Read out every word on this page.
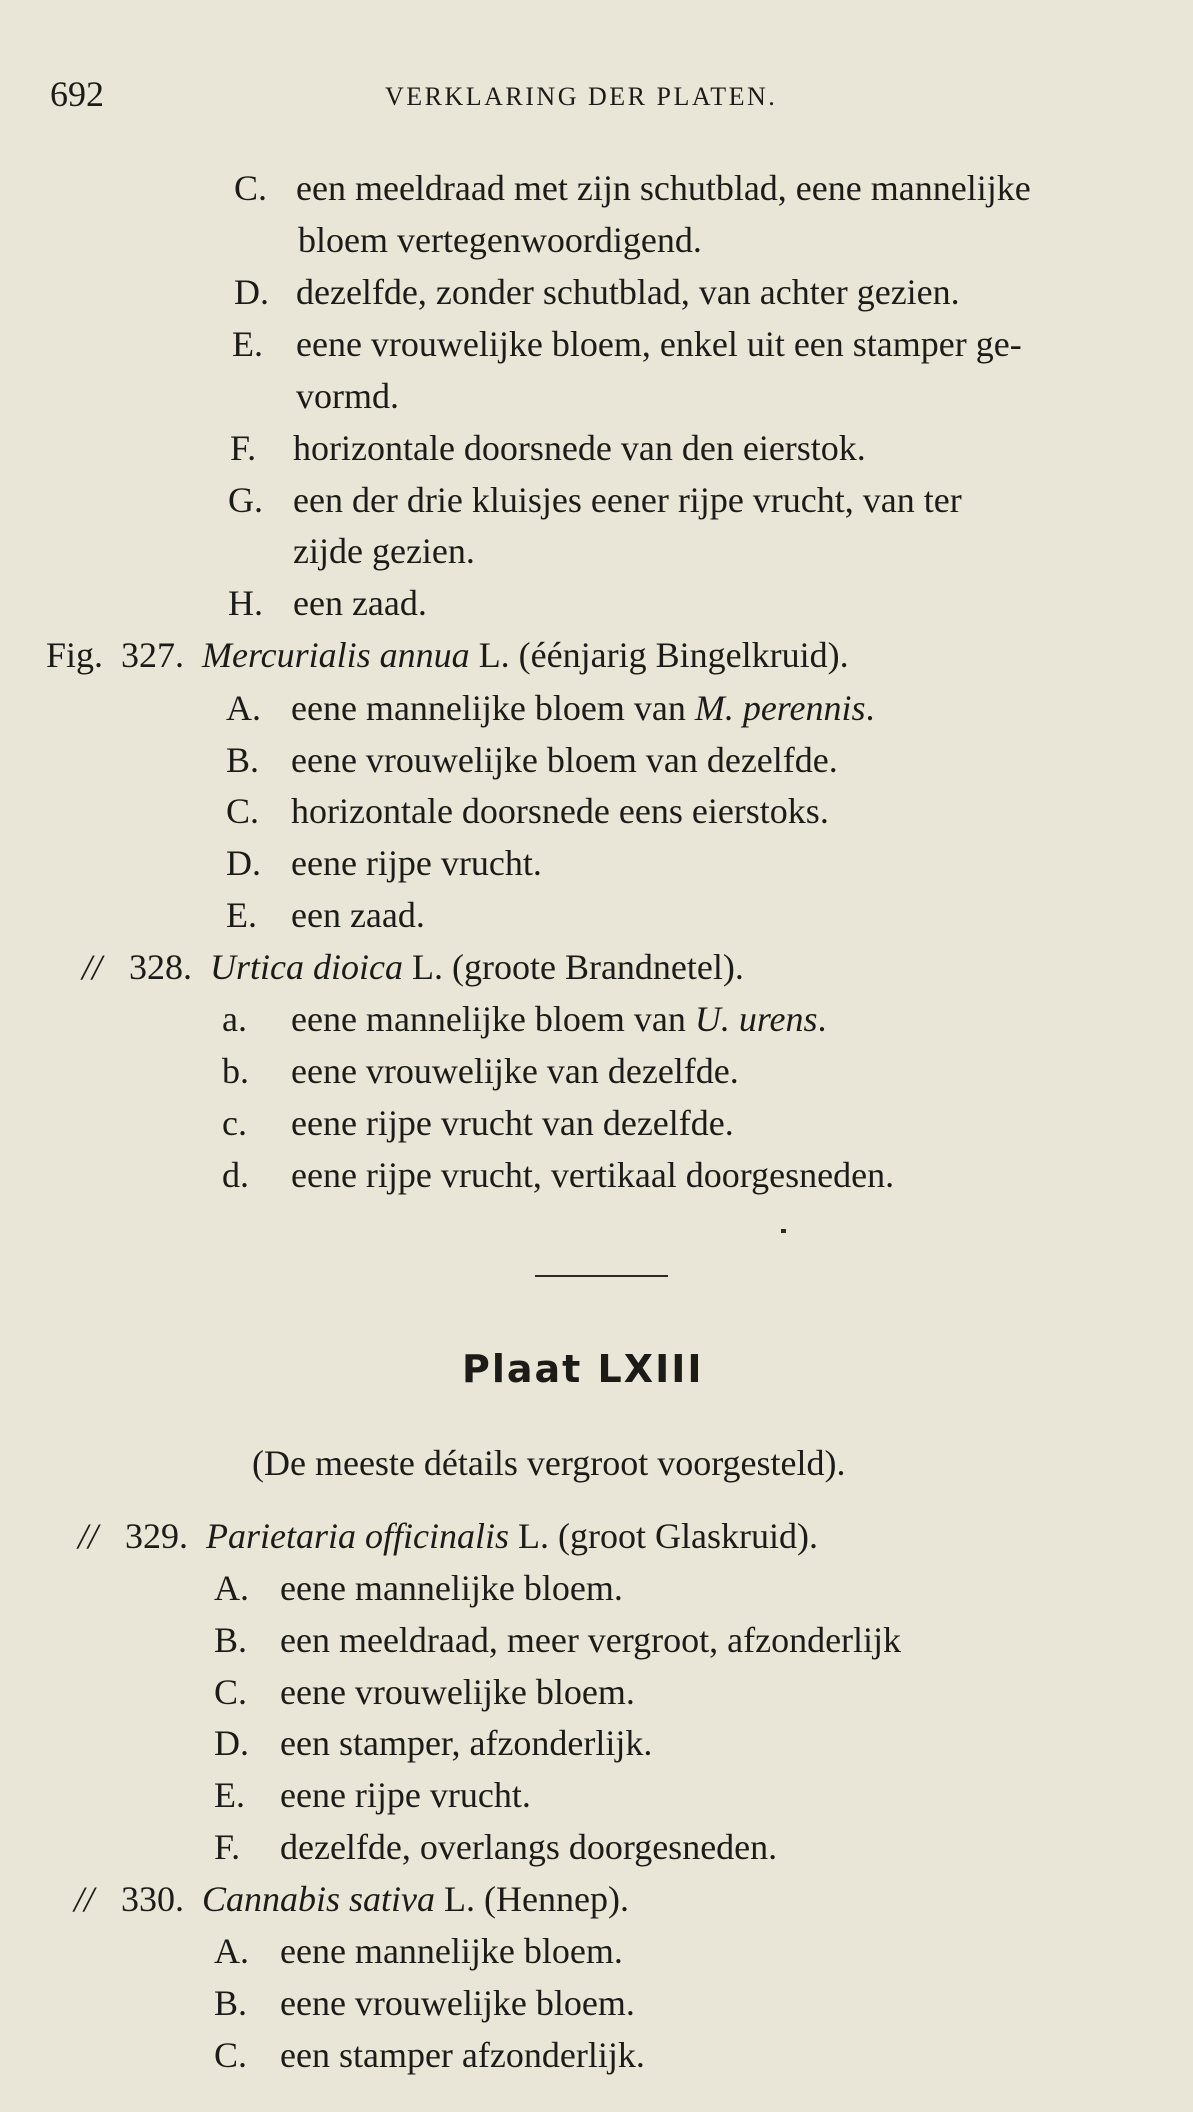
692	VERKLARING DER PLATEN.
C. een meeldraad met zijn schutblad, eene mannelijke
bloem vertegenwoordigend.
D. dezelfde, zonder schutblad, van achter gezien.
E. eene vrouwelijke bloem, enkel uit een stamper ge-
vormd.
F. horizontale doorsnede van den eierstok.
G. een der drie kluisjes eener rijpe vrucht, van ter
zijde gezien.
H. een zaad.
Fig. 327. Mercurialis annua L. (éénjarig Bingelkruid).
A. eene mannelijke bloem van M. perennis.
B. eene vrouwelijke bloem van dezelfde.
C. horizontale doorsnede eens eierstoks.
D. eene rijpe vrucht.
E. een zaad.
// 328. Urtica dioica L. (groote Brandnetel).
a. eene mannelijke bloem van U. urens.
b. eene vrouwelijke van dezelfde.
c. eene rijpe vrucht van dezelfde.
d. eene rijpe vrucht, vertikaal doorgesneden.
Plaat LXIII
(De meeste détails vergroot voorgesteld).
// 329. Parietaria officinalis L. (groot Glaskruid).
A. eene mannelijke bloem.
B. een meeldraad, meer vergroot, afzonderlijk
C. eene vrouwelijke bloem.
D. een stamper, afzonderlijk.
E. eene rijpe vrucht.
F. dezelfde, overlangs doorgesneden.
// 330. Cannabis sativa L. (Hennep).
A. eene mannelijke bloem.
B. eene vrouwelijke bloem.
C. een stamper afzonderlijk.
